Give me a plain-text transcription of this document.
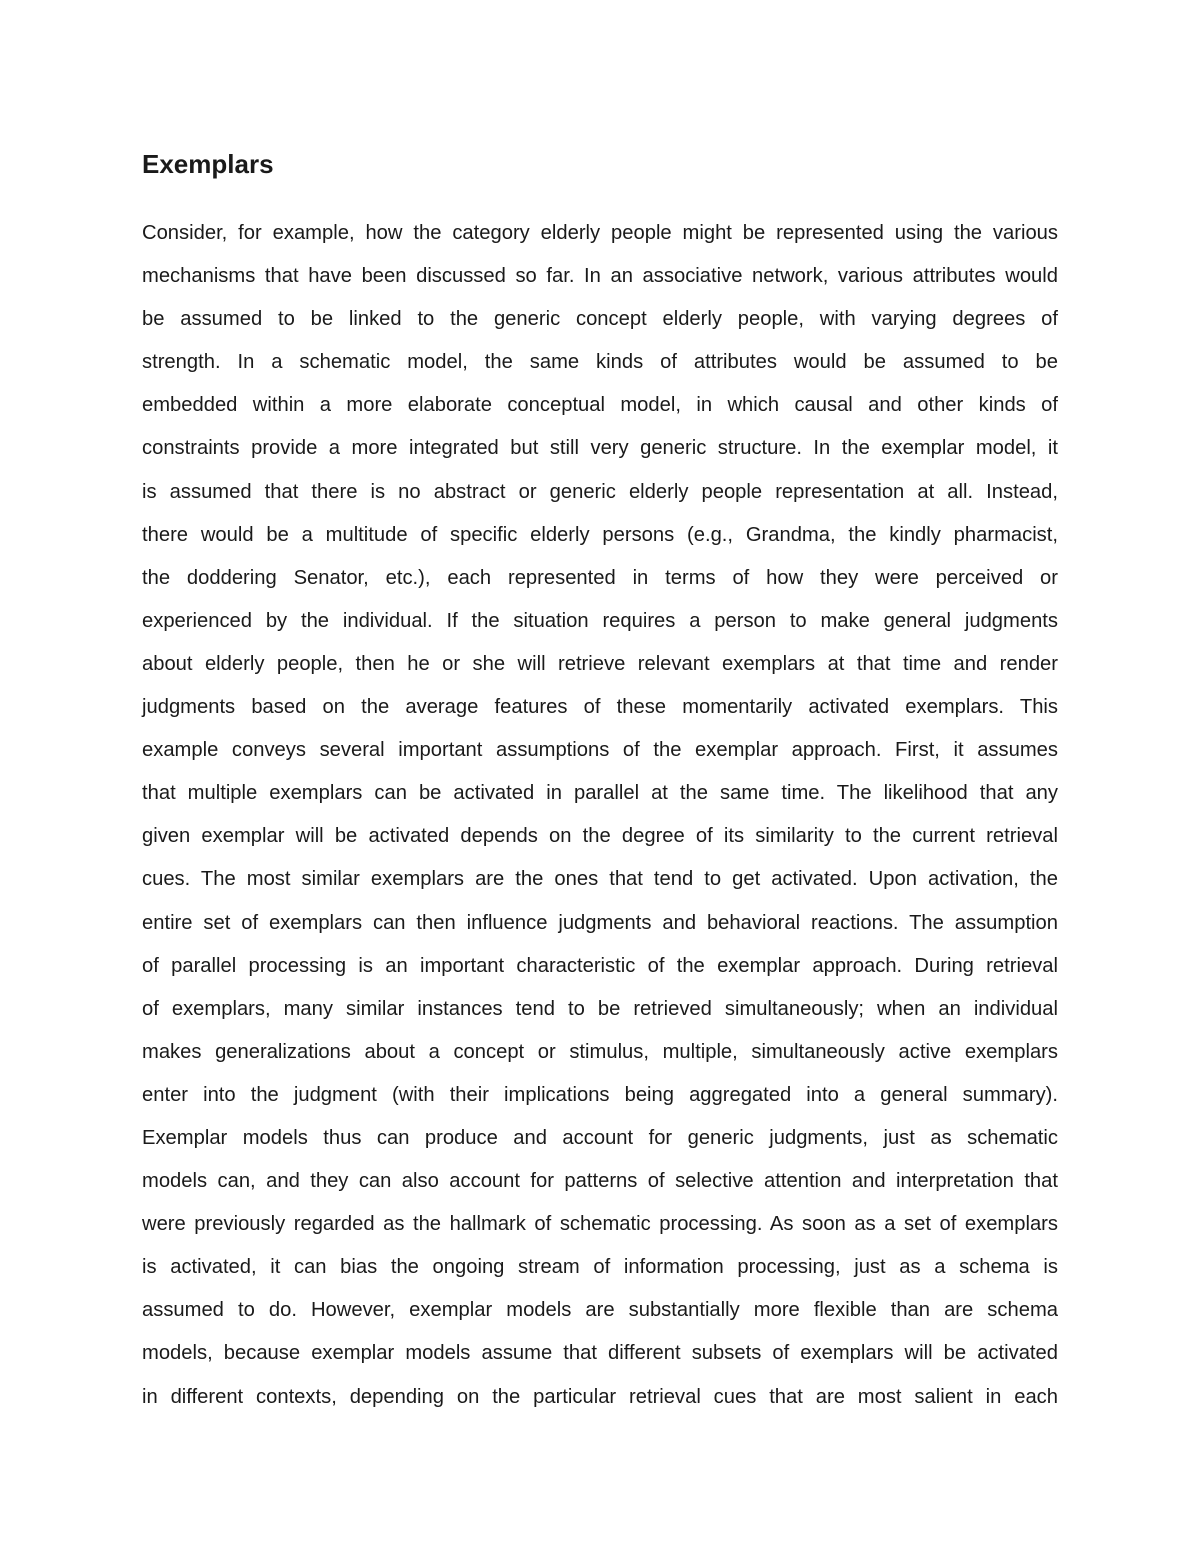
Exemplars
Consider, for example, how the category elderly people might be represented using the various
mechanisms that have been discussed so far. In an associative network, various attributes would
be assumed to be linked to the generic concept elderly people, with varying degrees of
strength. In a schematic model, the same kinds of attributes would be assumed to be
embedded within a more elaborate conceptual model, in which causal and other kinds of
constraints provide a more integrated but still very generic structure. In the exemplar model, it
is assumed that there is no abstract or generic elderly people representation at all. Instead,
there would be a multitude of specific elderly persons (e.g., Grandma, the kindly pharmacist,
the doddering Senator, etc.), each represented in terms of how they were perceived or
experienced by the individual. If the situation requires a person to make general judgments
about elderly people, then he or she will retrieve relevant exemplars at that time and render
judgments based on the average features of these momentarily activated exemplars. This
example conveys several important assumptions of the exemplar approach. First, it assumes
that multiple exemplars can be activated in parallel at the same time. The likelihood that any
given exemplar will be activated depends on the degree of its similarity to the current retrieval
cues. The most similar exemplars are the ones that tend to get activated. Upon activation, the
entire set of exemplars can then influence judgments and behavioral reactions. The assumption
of parallel processing is an important characteristic of the exemplar approach. During retrieval
of exemplars, many similar instances tend to be retrieved simultaneously; when an individual
makes generalizations about a concept or stimulus, multiple, simultaneously active exemplars
enter into the judgment (with their implications being aggregated into a general summary).
Exemplar models thus can produce and account for generic judgments, just as schematic
models can, and they can also account for patterns of selective attention and interpretation that
were previously regarded as the hallmark of schematic processing. As soon as a set of exemplars
is activated, it can bias the ongoing stream of information processing, just as a schema is
assumed to do. However, exemplar models are substantially more flexible than are schema
models, because exemplar models assume that different subsets of exemplars will be activated
in different contexts, depending on the particular retrieval cues that are most salient in each
